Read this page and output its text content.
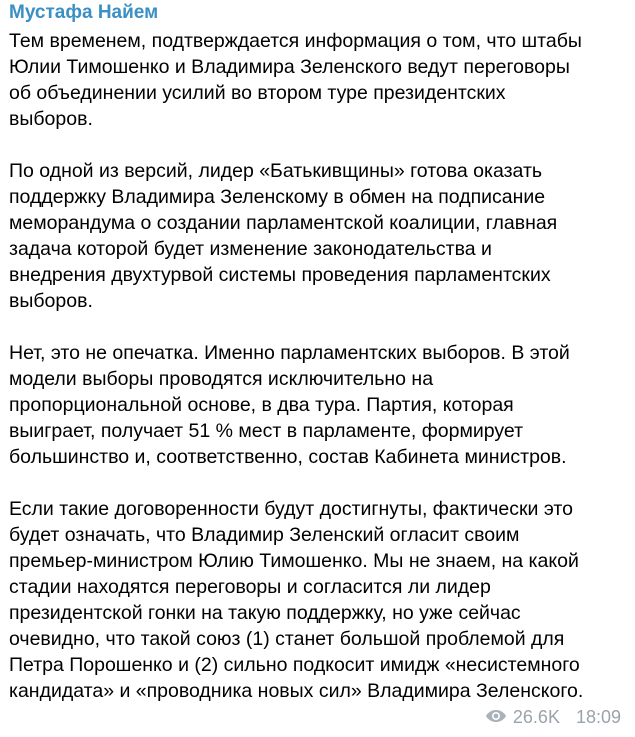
Мустафа Найем
Тем временем, подтверждается информация о том, что штабы
Юлии Тимошенко и Владимира Зеленского ведут переговоры
об объединении усилий во втором туре президентских
выборов.
По одной из версий, лидер «Батькивщины» готова оказать
поддержку Владимира Зеленскому в обмен на подписание
меморандума о создании парламентской коалиции, главная
задача которой будет изменение законодательства и
внедрения двухтурвой системы проведения парламентских
выборов.
Нет, это не опечатка. Именно парламентских выборов. В этой
модели выборы проводятся исключительно на
пропорциональной основе, в два тура. Партия, которая
выиграет, получает 51 % мест в парламенте, формирует
большинство и, соответственно, состав Кабинета министров.
Если такие договоренности будут достигнуты, фактически это
будет означать, что Владимир Зеленский огласит своим
премьер-министром Юлию Тимошенко. Мы не знаем, на какой
стадии находятся переговоры и согласится ли лидер
президентской гонки на такую поддержку, но уже сейчас
очевидно, что такой союз (1) станет большой проблемой для
Петра Порошенко и (2) сильно подкосит имидж «несистемного
кандидата» и «проводника новых сил» Владимира Зеленского.
26.6K 18:09
